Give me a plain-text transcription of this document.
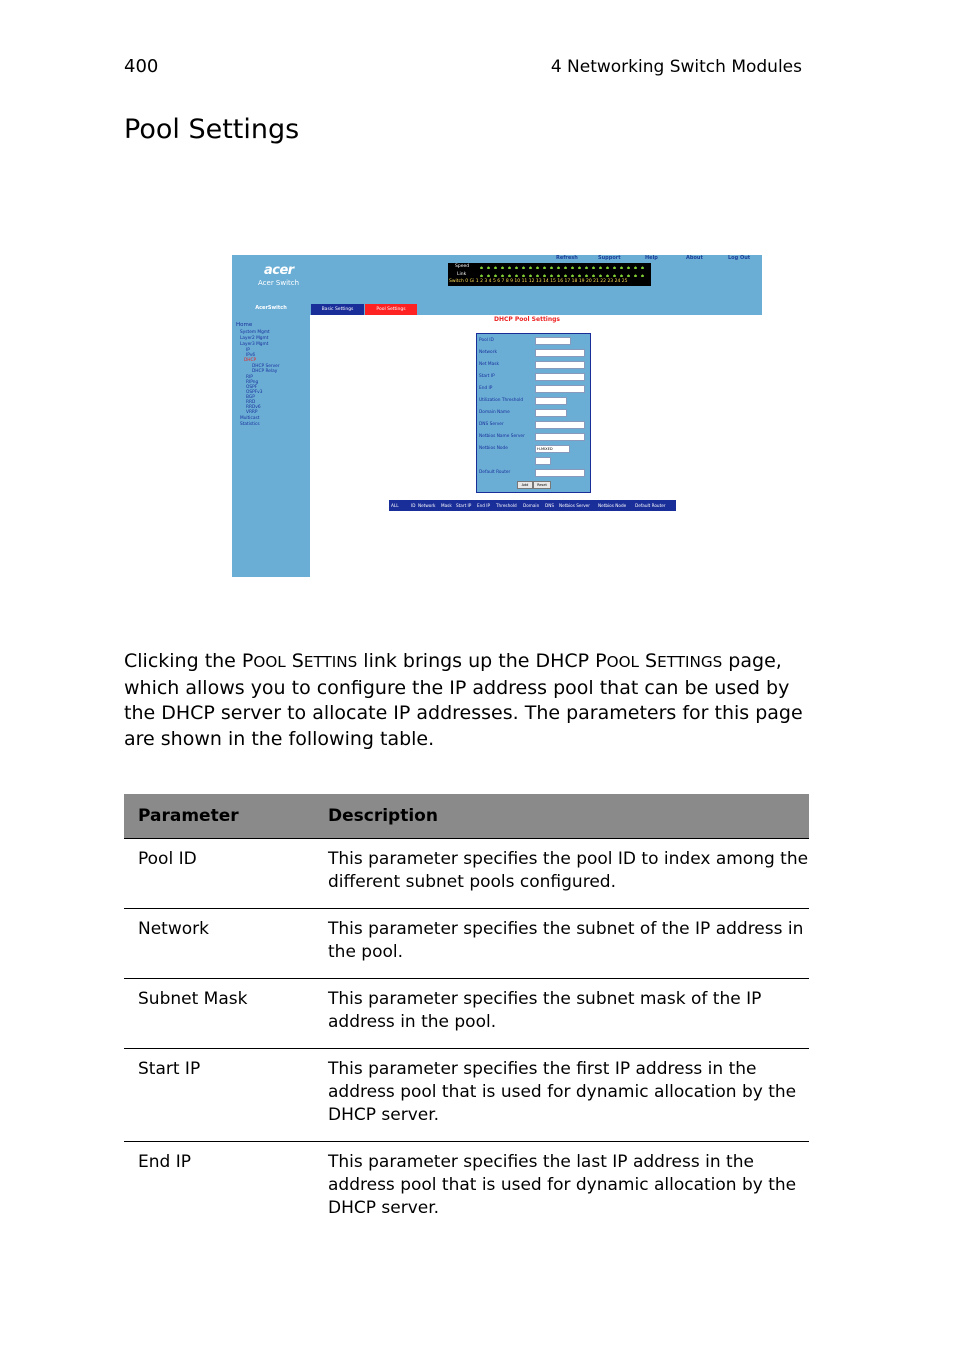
400	4 Networking Switch Modules
Pool Settings
acer
Acer Switch
Refresh	Support	Help	About	Log Out
Speed
Link
Switch 0 Gi 1 2 3 4 5 6 7 8 9 10 11 12 13 14 15 16 17 18 19 20 21 22 23 24 25
AcerSwitch	Basic Settings	Pool Settings
Home
System Mgmt
Layer2 Mgmt
Layer3 Mgmt
IP
IPv6
DHCP
DHCP Server
DHCP Relay
RIP
RIPng
OSPF
OSPFv3
BGP
RRD
RRDv6
VRRP
Multicast
Statistics
DHCP Pool Settings
Pool ID
Network
Net Mask
Start IP
End IP
Utilization Threshold
Domain Name
DNS Server
Netbios Name Server
Netbios Node	H-MIXED
Default Router
Add	Reset
ALL	ID Network Mask Start IP End IP Threshold Domain DNS Netbios Server Netbios Node Default Router
Clicking the POOL SETTINS link brings up the DHCP POOL SETTINGS page, which allows you to configure the IP address pool that can be used by the DHCP server to allocate IP addresses. The parameters for this page are shown in the following table.
Parameter	Description
Pool ID	This parameter specifies the pool ID to index among the different subnet pools configured.
Network	This parameter specifies the subnet of the IP address in the pool.
Subnet Mask	This parameter specifies the subnet mask of the IP address in the pool.
Start IP	This parameter specifies the first IP address in the address pool that is used for dynamic allocation by the DHCP server.
End IP	This parameter specifies the last IP address in the address pool that is used for dynamic allocation by the DHCP server.
